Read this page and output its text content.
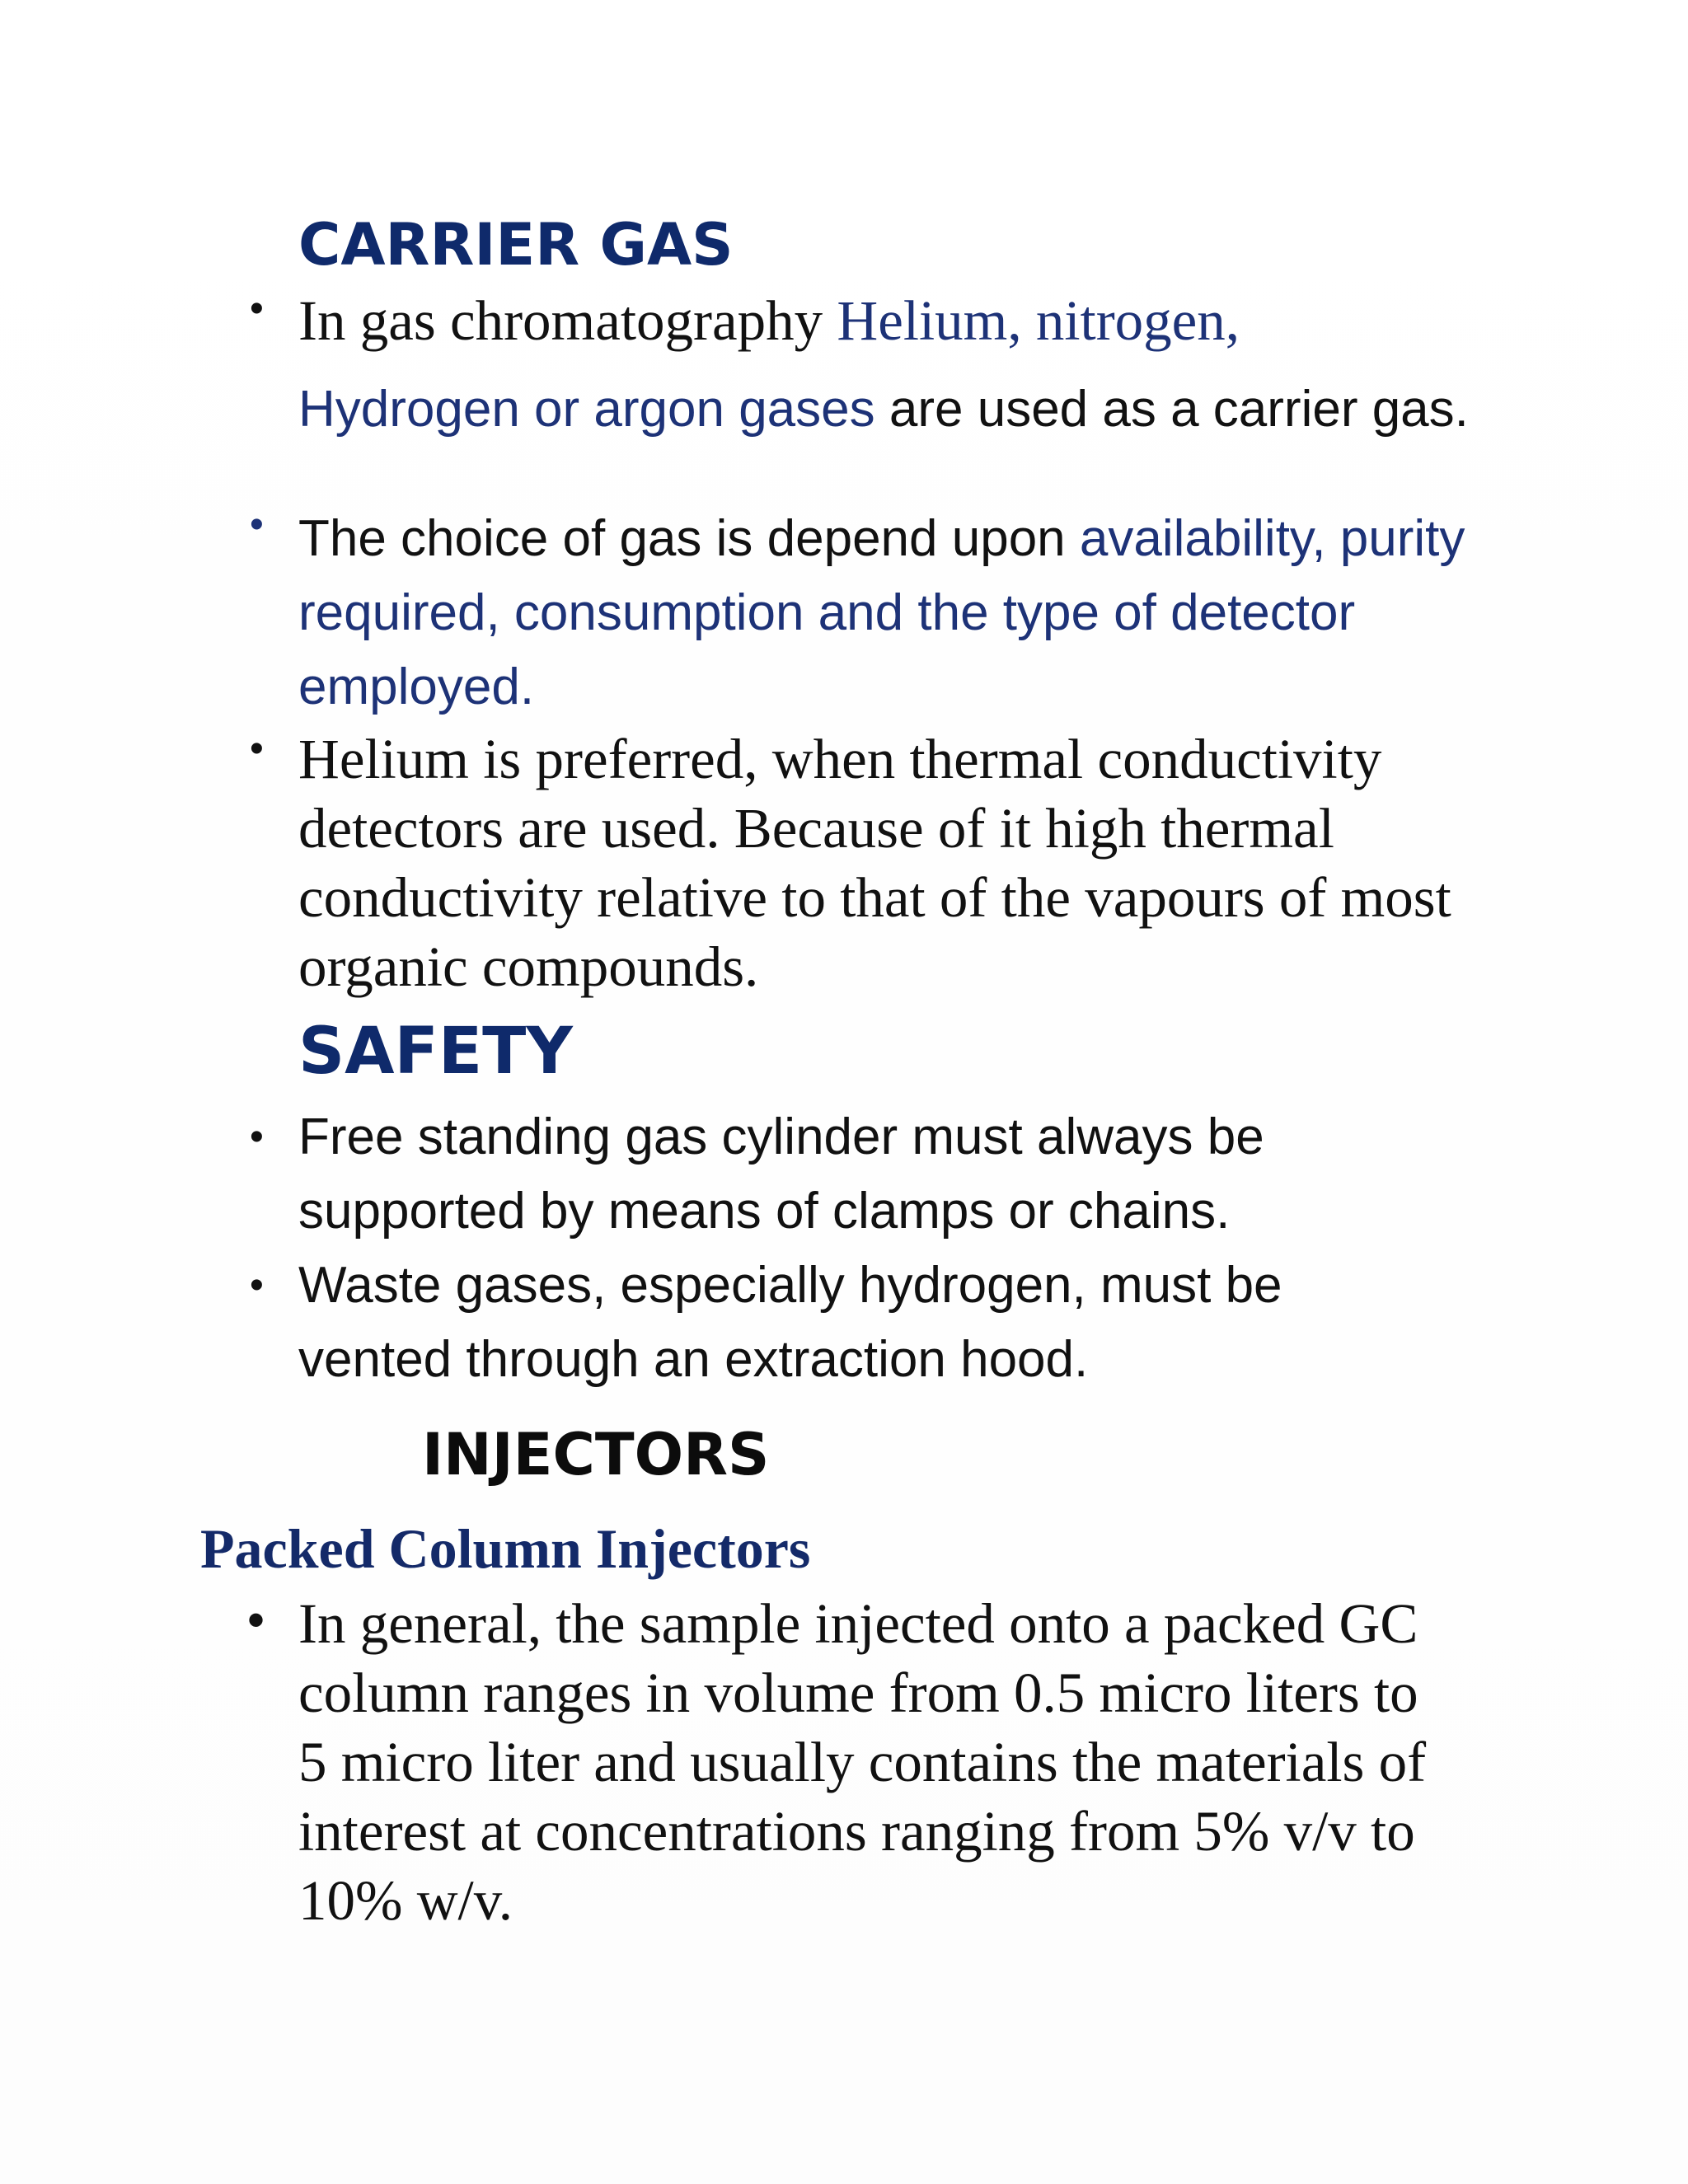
CARRIER GAS
• In gas chromatography Helium, nitrogen,
Hydrogen or argon gases are used as a carrier gas.
• The choice of gas is depend upon availability, purity required, consumption and the type of detector employed.
• Helium is preferred, when thermal conductivity detectors are used. Because of it high thermal conductivity relative to that of the vapours of most organic compounds.
SAFETY
• Free standing gas cylinder must always be supported by means of clamps or chains.
• Waste gases, especially hydrogen, must be vented through an extraction hood.
INJECTORS
Packed Column Injectors
• In general, the sample injected onto a packed GC column ranges in volume from 0.5 micro liters to 5 micro liter and usually contains the materials of interest at concentrations ranging from 5% v/v to 10% w/v.
